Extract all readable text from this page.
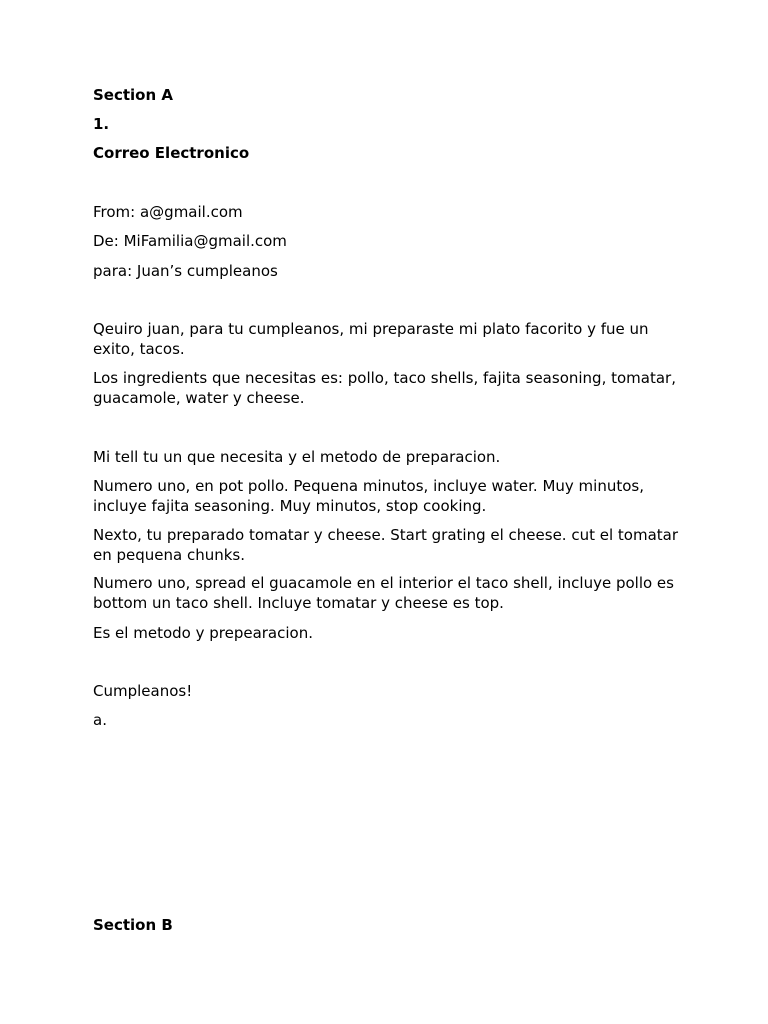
Section A

1.

Correo Electronico

From: a@gmail.com

De: MiFamilia@gmail.com

para: Juan’s cumpleanos

Qeuiro juan, para tu cumpleanos, mi preparaste mi plato facorito y fue un exito, tacos.

Los ingredients que necesitas es: pollo, taco shells, fajita seasoning, tomatar, guacamole, water y cheese.

Mi tell tu un que necesita y el metodo de preparacion.

Numero uno, en pot pollo. Pequena minutos, incluye water. Muy minutos, incluye fajita seasoning. Muy minutos, stop cooking.

Nexto, tu preparado tomatar y cheese. Start grating el cheese. cut el tomatar en pequena chunks.

Numero uno, spread el guacamole en el interior el taco shell, incluye pollo es bottom un taco shell. Incluye tomatar y cheese es top.

Es el metodo y prepearacion.

Cumpleanos!

a.

Section B
